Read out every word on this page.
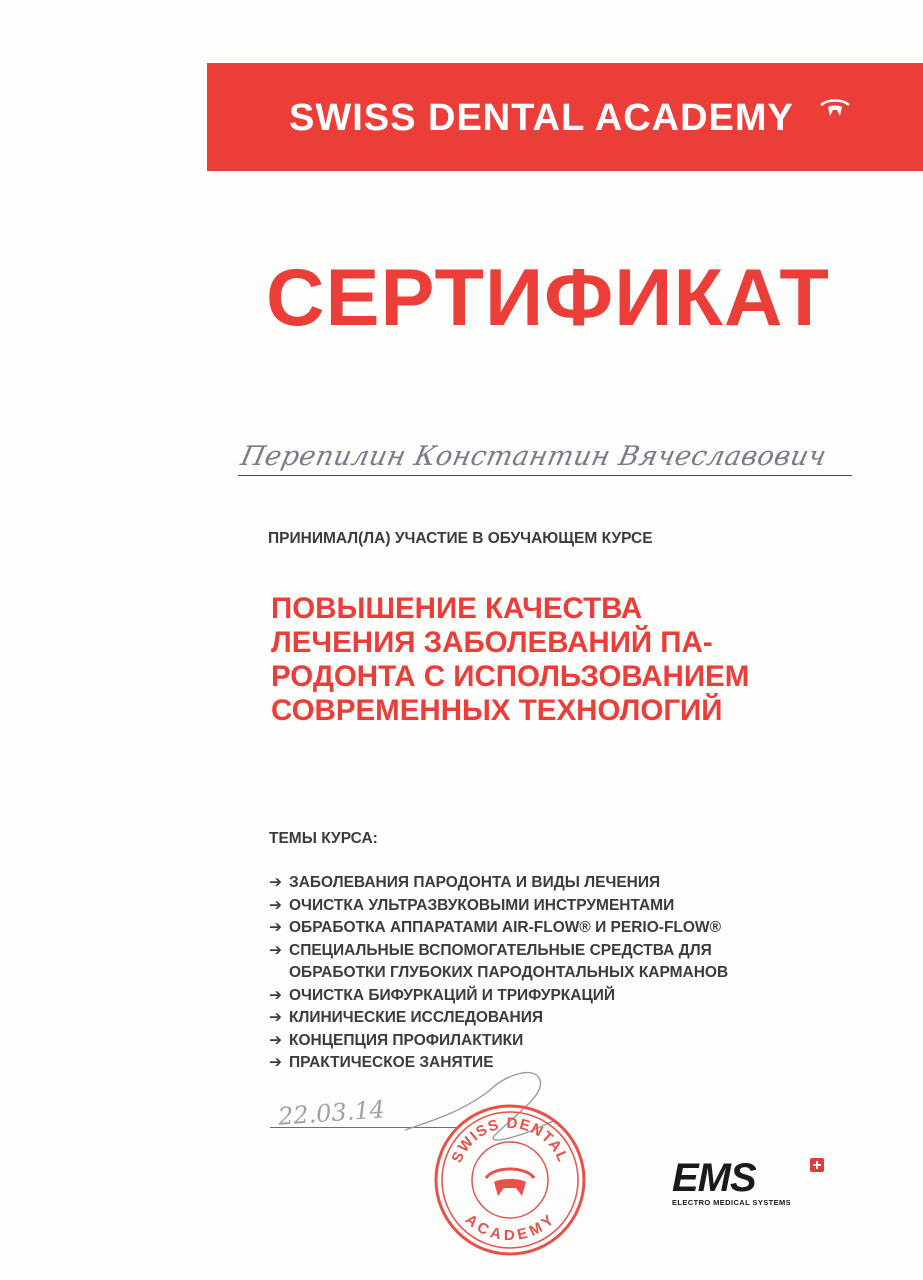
SWISS DENTAL ACADEMY
СЕРТИФИКАТ
Перепилин Константин Вячеславович
ПРИНИМАЛ(ЛА) УЧАСТИЕ В ОБУЧАЮЩЕМ КУРСЕ
ПОВЫШЕНИЕ КАЧЕСТВА
ЛЕЧЕНИЯ ЗАБОЛЕВАНИЙ ПА-
РОДОНТА С ИСПОЛЬЗОВАНИЕМ
СОВРЕМЕННЫХ ТЕХНОЛОГИЙ
ТЕМЫ КУРСА:
➔ ЗАБОЛЕВАНИЯ ПАРОДОНТА И ВИДЫ ЛЕЧЕНИЯ
➔ ОЧИСТКА УЛЬТРАЗВУКОВЫМИ ИНСТРУМЕНТАМИ
➔ ОБРАБОТКА АППАРАТАМИ AIR-FLOW® И PERIO-FLOW®
➔ СПЕЦИАЛЬНЫЕ ВСПОМОГАТЕЛЬНЫЕ СРЕДСТВА ДЛЯ
ОБРАБОТКИ ГЛУБОКИХ ПАРОДОНТАЛЬНЫХ КАРМАНОВ
➔ ОЧИСТКА БИФУРКАЦИЙ И ТРИФУРКАЦИЙ
➔ КЛИНИЧЕСКИЕ ИССЛЕДОВАНИЯ
➔ КОНЦЕПЦИЯ ПРОФИЛАКТИКИ
➔ ПРАКТИЧЕСКОЕ ЗАНЯТИЕ
22.03.14
SWISS DENTAL
ACADEMY
EMS
ELECTRO MEDICAL SYSTEMS
